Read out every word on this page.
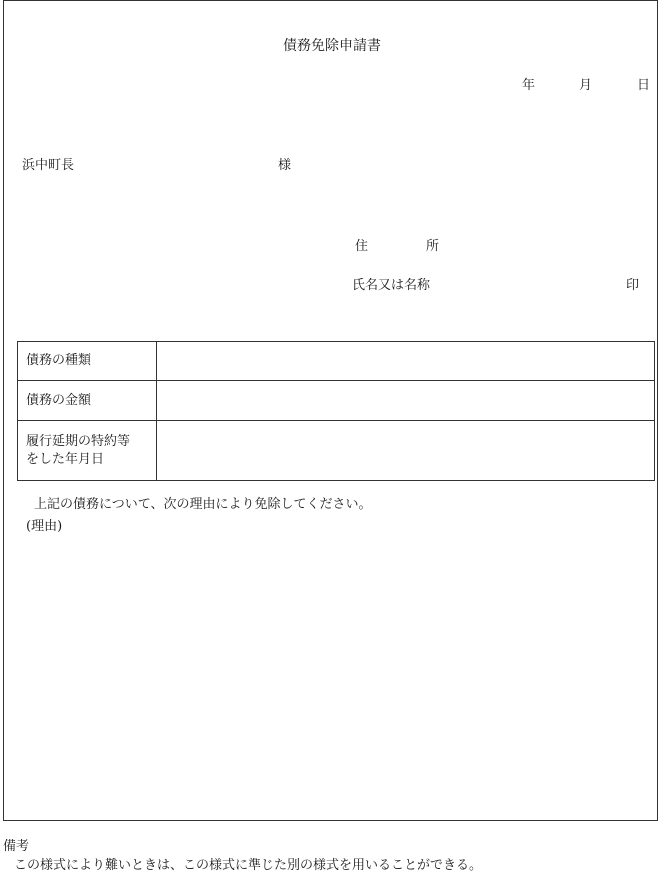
債務免除申請書
年	月	日
浜中町長	様
住	所
氏名又は名称	印
債務の種類	
債務の金額	
履行延期の特約等
をした年月日	

上記の債務について、次の理由により免除してください。
(理由)
備考
この様式により難いときは、この様式に準じた別の様式を用いることができる。
